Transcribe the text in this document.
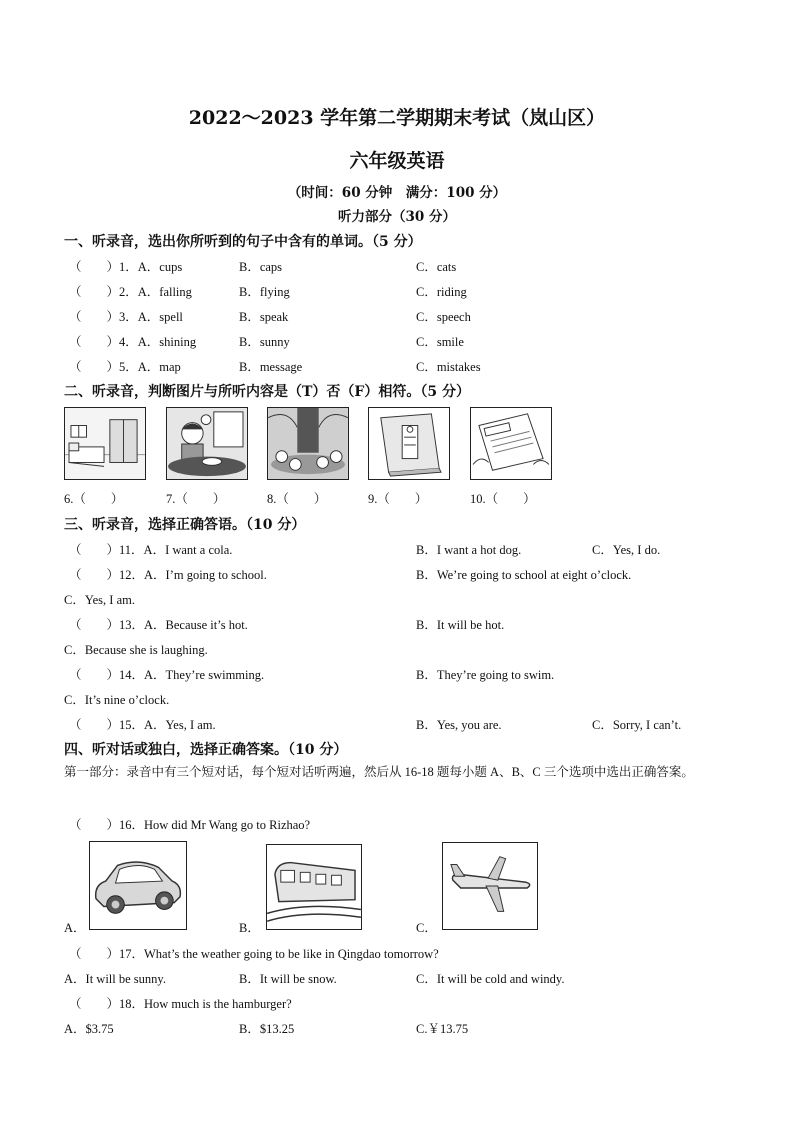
2022～2023 学年第二学期期末考试（岚山区）
六年级英语
（时间：60 分钟　满分：100 分）
听力部分（30 分）
一、听录音，选出你所听到的句子中含有的单词。（5 分）
（　　）1．A．cups	B．caps	C．cats
（　　）2．A．falling	B．flying	C．riding
（　　）3．A．spell	B．speak	C．speech
（　　）4．A．shining	B．sunny	C．smile
（　　）5．A．map	B．message	C．mistakes
二、听录音，判断图片与所听内容是（T）否（F）相符。（5 分）
6.（　　）	7.（　　）	8.（　　）	9.（　　）	10.（　　）
三、听录音，选择正确答语。（10 分）
（　　）11．A．I want a cola.	B．I want a hot dog.	C．Yes, I do.
（　　）12．A．I’m going to school.	B．We’re going to school at eight o’clock.
C．Yes, I am.
（　　）13．A．Because it’s hot.	B．It will be hot.
C．Because she is laughing.
（　　）14．A．They’re swimming.	B．They’re going to swim.
C．It’s nine o’clock.
（　　）15．A．Yes, I am.	B．Yes, you are.	C．Sorry, I can’t.
四、听对话或独白，选择正确答案。（10 分）
第一部分：录音中有三个短对话，每个短对话听两遍，然后从 16-18 题每小题 A、B、C 三个选项中选出正确答案。
（　　）16．How did Mr Wang go to Rizhao?
A．	B．	C．
（　　）17．What’s the weather going to be like in Qingdao tomorrow?
A．It will be sunny.	B．It will be snow.	C．It will be cold and windy.
（　　）18．How much is the hamburger?
A．$3.75	B．$13.25	C.￥13.75
